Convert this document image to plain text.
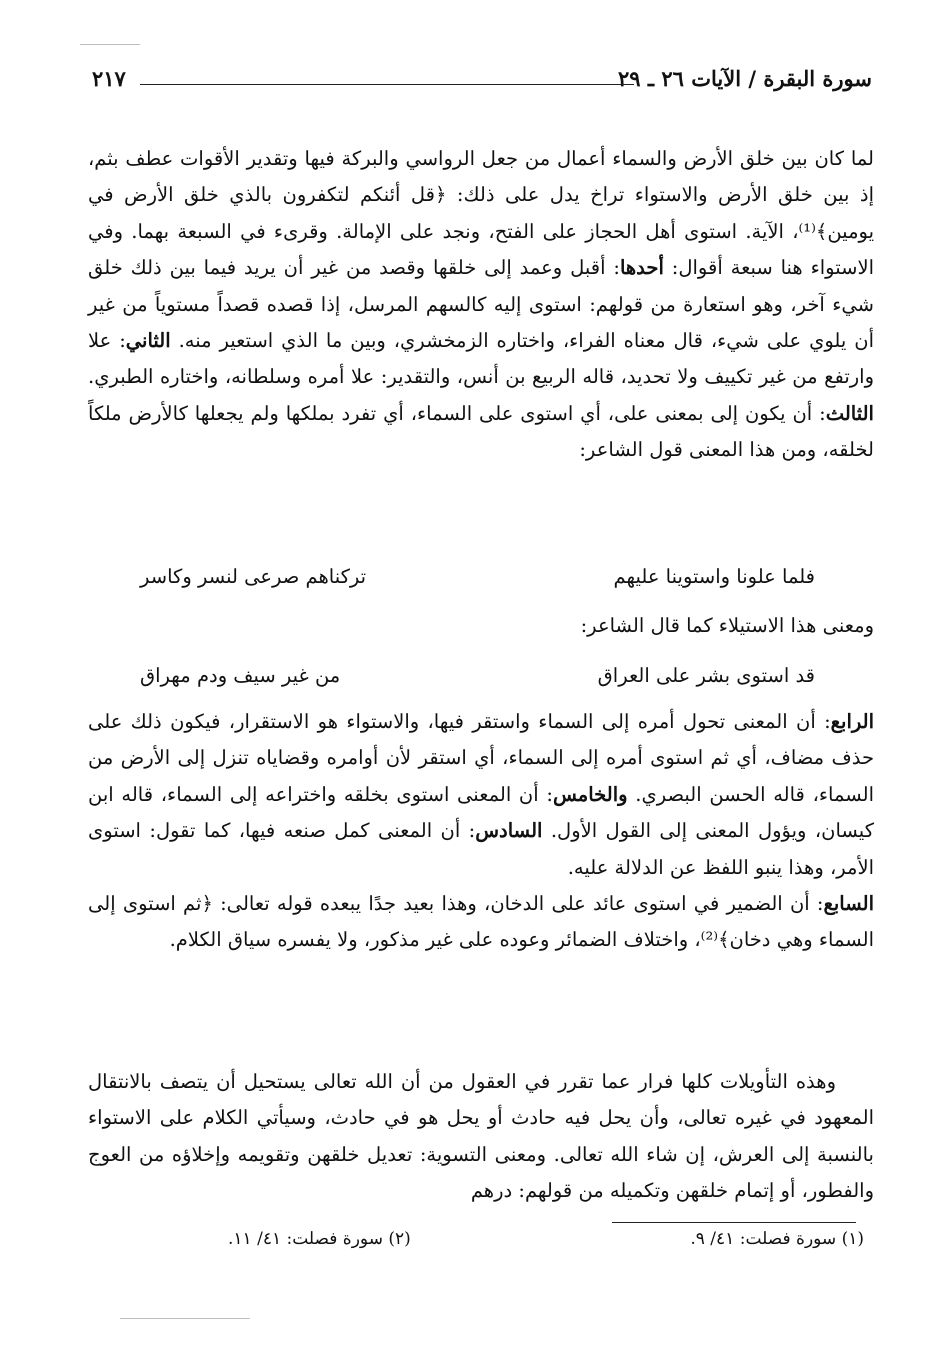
سورة البقرة / الآيات ٢٦ ـ ٢٩
٢١٧

لما كان بين خلق الأرض والسماء أعمال من جعل الرواسي والبركة فيها وتقدير الأقوات عطف بثم، إذ بين خلق الأرض والاستواء تراخ يدل على ذلك: ﴿قل أئنكم لتكفرون بالذي خلق الأرض في يومين﴾⁽¹⁾، الآية. استوى أهل الحجاز على الفتح، ونجد على الإمالة. وقرىء في السبعة بهما. وفي الاستواء هنا سبعة أقوال: أحدها: أقبل وعمد إلى خلقها وقصد من غير أن يريد فيما بين ذلك خلق شيء آخر، وهو استعارة من قولهم: استوى إليه كالسهم المرسل، إذا قصده قصداً مستوياً من غير أن يلوي على شيء، قال معناه الفراء، واختاره الزمخشري، وبين ما الذي استعير منه. الثاني: علا وارتفع من غير تكييف ولا تحديد، قاله الربيع بن أنس، والتقدير: علا أمره وسلطانه، واختاره الطبري. الثالث: أن يكون إلى بمعنى على، أي استوى على السماء، أي تفرد بملكها ولم يجعلها كالأرض ملكاً لخلقه، ومن هذا المعنى قول الشاعر:

فلما علونا واستوينا عليهم
تركناهم صرعى لنسر وكاسر
ومعنى هذا الاستيلاء كما قال الشاعر:
قد استوى بشر على العراق
من غير سيف ودم مهراق

الرابع: أن المعنى تحول أمره إلى السماء واستقر فيها، والاستواء هو الاستقرار، فيكون ذلك على حذف مضاف، أي ثم استوى أمره إلى السماء، أي استقر لأن أوامره وقضاياه تنزل إلى الأرض من السماء، قاله الحسن البصري. والخامس: أن المعنى استوى بخلقه واختراعه إلى السماء، قاله ابن كيسان، ويؤول المعنى إلى القول الأول. السادس: أن المعنى كمل صنعه فيها، كما تقول: استوى الأمر، وهذا ينبو اللفظ عن الدلالة عليه.

السابع: أن الضمير في استوى عائد على الدخان، وهذا بعيد جدًا يبعده قوله تعالى: ﴿ثم استوى إلى السماء وهي دخان﴾⁽²⁾، واختلاف الضمائر وعوده على غير مذكور، ولا يفسره سياق الكلام.

وهذه التأويلات كلها فرار عما تقرر في العقول من أن الله تعالى يستحيل أن يتصف بالانتقال المعهود في غيره تعالى، وأن يحل فيه حادث أو يحل هو في حادث، وسيأتي الكلام على الاستواء بالنسبة إلى العرش، إن شاء الله تعالى. ومعنى التسوية: تعديل خلقهن وتقويمه وإخلاؤه من العوج والفطور، أو إتمام خلقهن وتكميله من قولهم: درهم

(١) سورة فصلت: ٤١/ ٩.
(٢) سورة فصلت: ٤١/ ١١.
